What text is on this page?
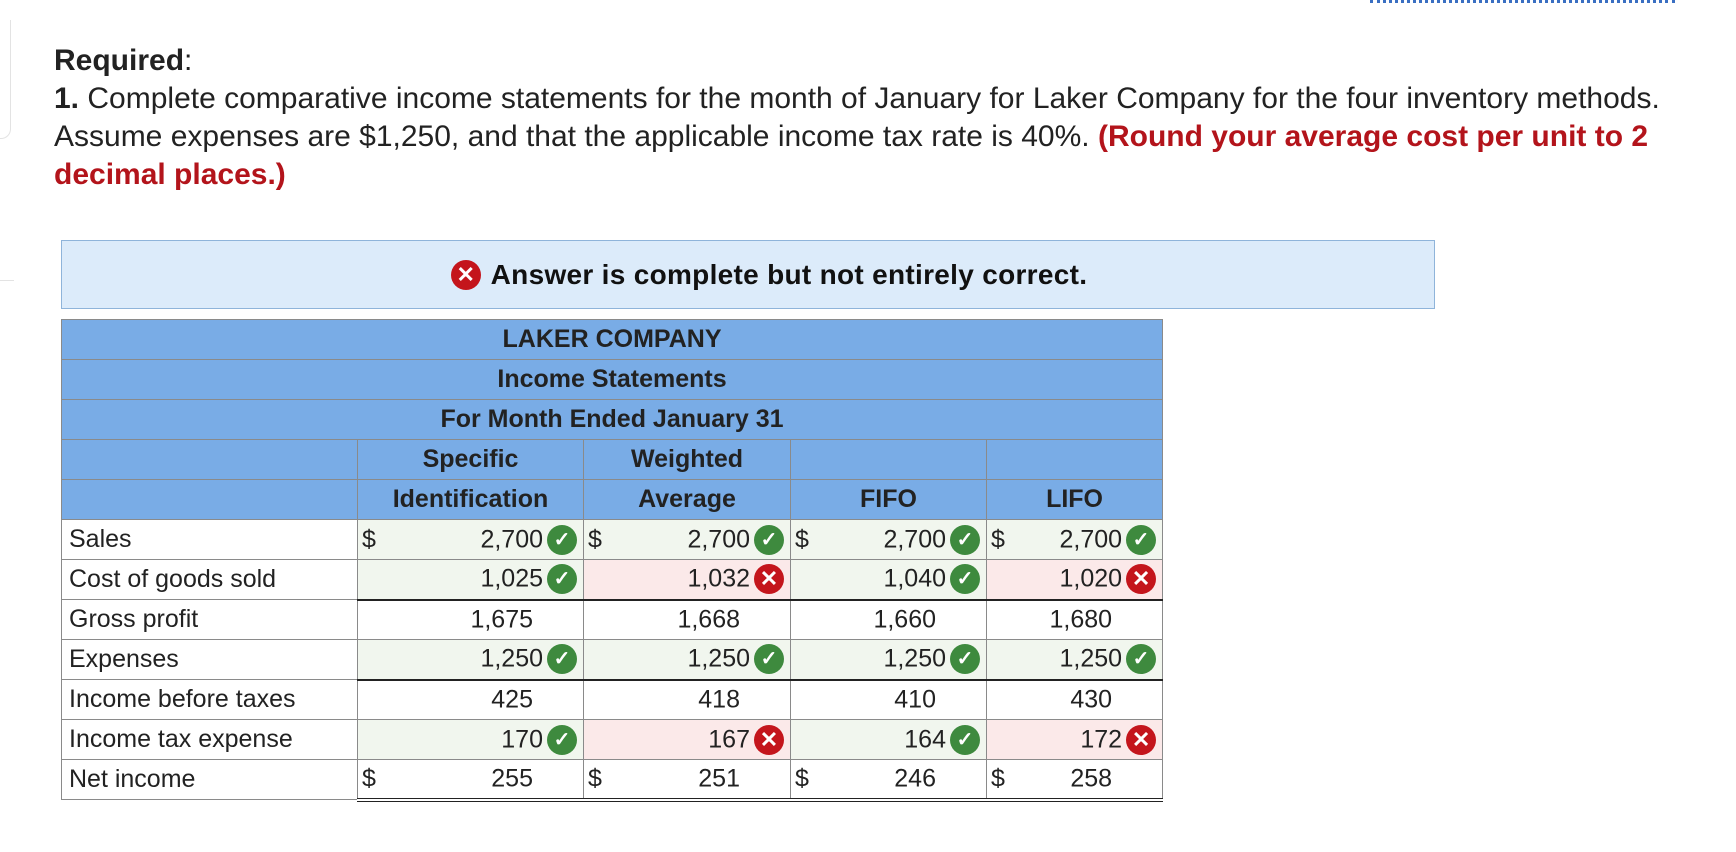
Required:
1. Complete comparative income statements for the month of January for Laker Company for the four inventory methods. Assume expenses are $1,250, and that the applicable income tax rate is 40%. (Round your average cost per unit to 2 decimal places.)
✕ Answer is complete but not entirely correct.
LAKER COMPANY				
Income Statements				
For Month Ended January 31				
	Specific	Weighted		
	Identification	Average	FIFO	LIFO
Sales	$ 2,700 ✓	$ 2,700 ✓	$ 2,700 ✓	$ 2,700 ✓

Cost of goods sold	1,025 ✓	1,032 ✕	1,040 ✓	1,020 ✕

Gross profit	1,675	1,668	1,660	1,680

Expenses	1,250 ✓	1,250 ✓	1,250 ✓	1,250 ✓

Income before taxes	425	418	410	430

Income tax expense	170 ✓	167 ✕	164 ✓	172 ✕

Net income	$ 255	$ 251	$ 246	$ 258
